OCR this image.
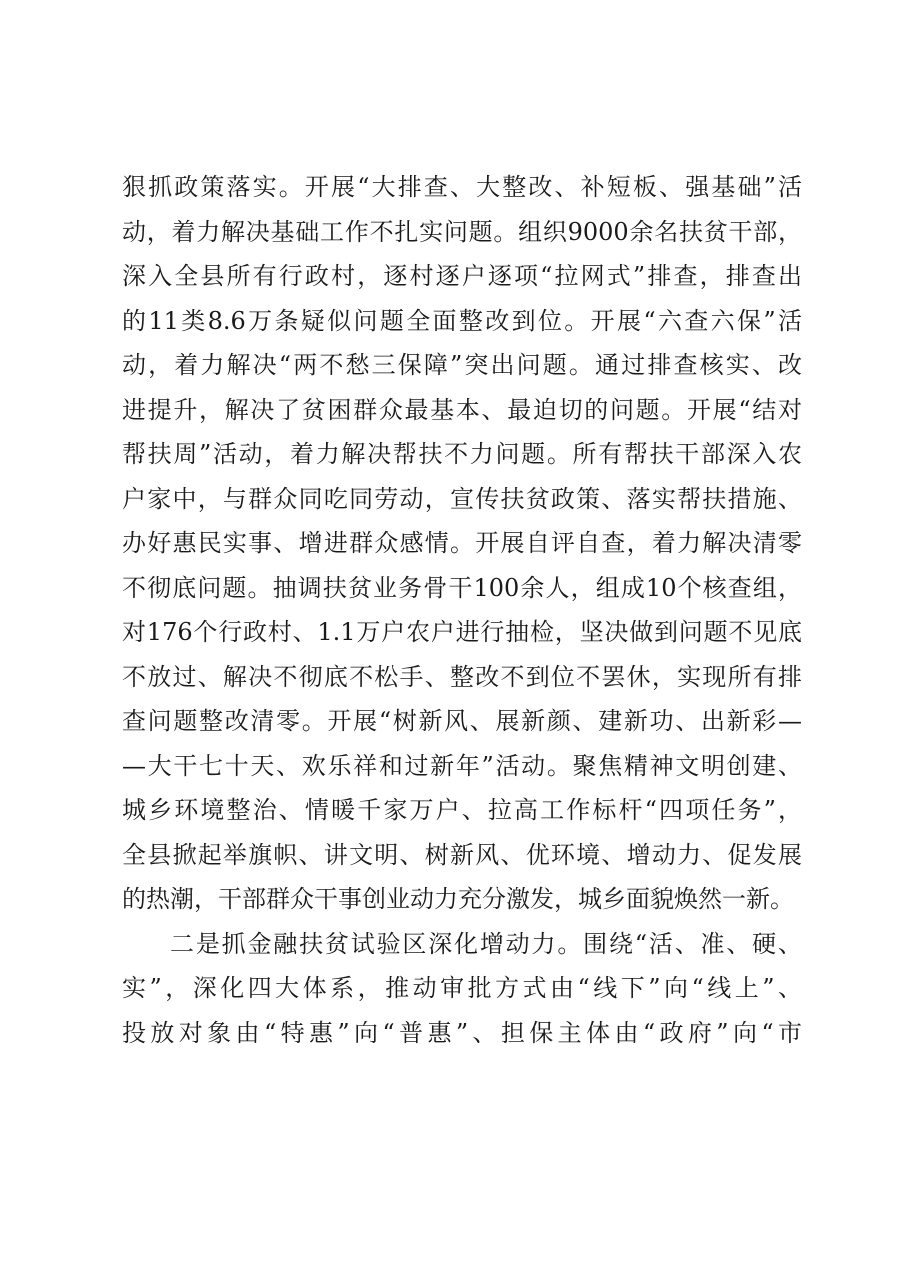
狠抓政策落实。开展“大排查、大整改、补短板、强基础”活
动，着力解决基础工作不扎实问题。组织9000余名扶贫干部，
深入全县所有行政村，逐村逐户逐项“拉网式”排查，排查出
的11类8.6万条疑似问题全面整改到位。开展“六查六保”活
动，着力解决“两不愁三保障”突出问题。通过排查核实、改
进提升，解决了贫困群众最基本、最迫切的问题。开展“结对
帮扶周”活动，着力解决帮扶不力问题。所有帮扶干部深入农
户家中，与群众同吃同劳动，宣传扶贫政策、落实帮扶措施、
办好惠民实事、增进群众感情。开展自评自查，着力解决清零
不彻底问题。抽调扶贫业务骨干100余人，组成10个核查组，
对176个行政村、1.1万户农户进行抽检，坚决做到问题不见底
不放过、解决不彻底不松手、整改不到位不罢休，实现所有排
查问题整改清零。开展“树新风、展新颜、建新功、出新彩—
—大干七十天、欢乐祥和过新年”活动。聚焦精神文明创建、
城乡环境整治、情暖千家万户、拉高工作标杆“四项任务”，
全县掀起举旗帜、讲文明、树新风、优环境、增动力、促发展
的热潮，干部群众干事创业动力充分激发，城乡面貌焕然一新。
二是抓金融扶贫试验区深化增动力。围绕“活、准、硬、
实”，深化四大体系，推动审批方式由“线下”向“线上”、
投放对象由“特惠”向“普惠”、担保主体由“政府”向“市
